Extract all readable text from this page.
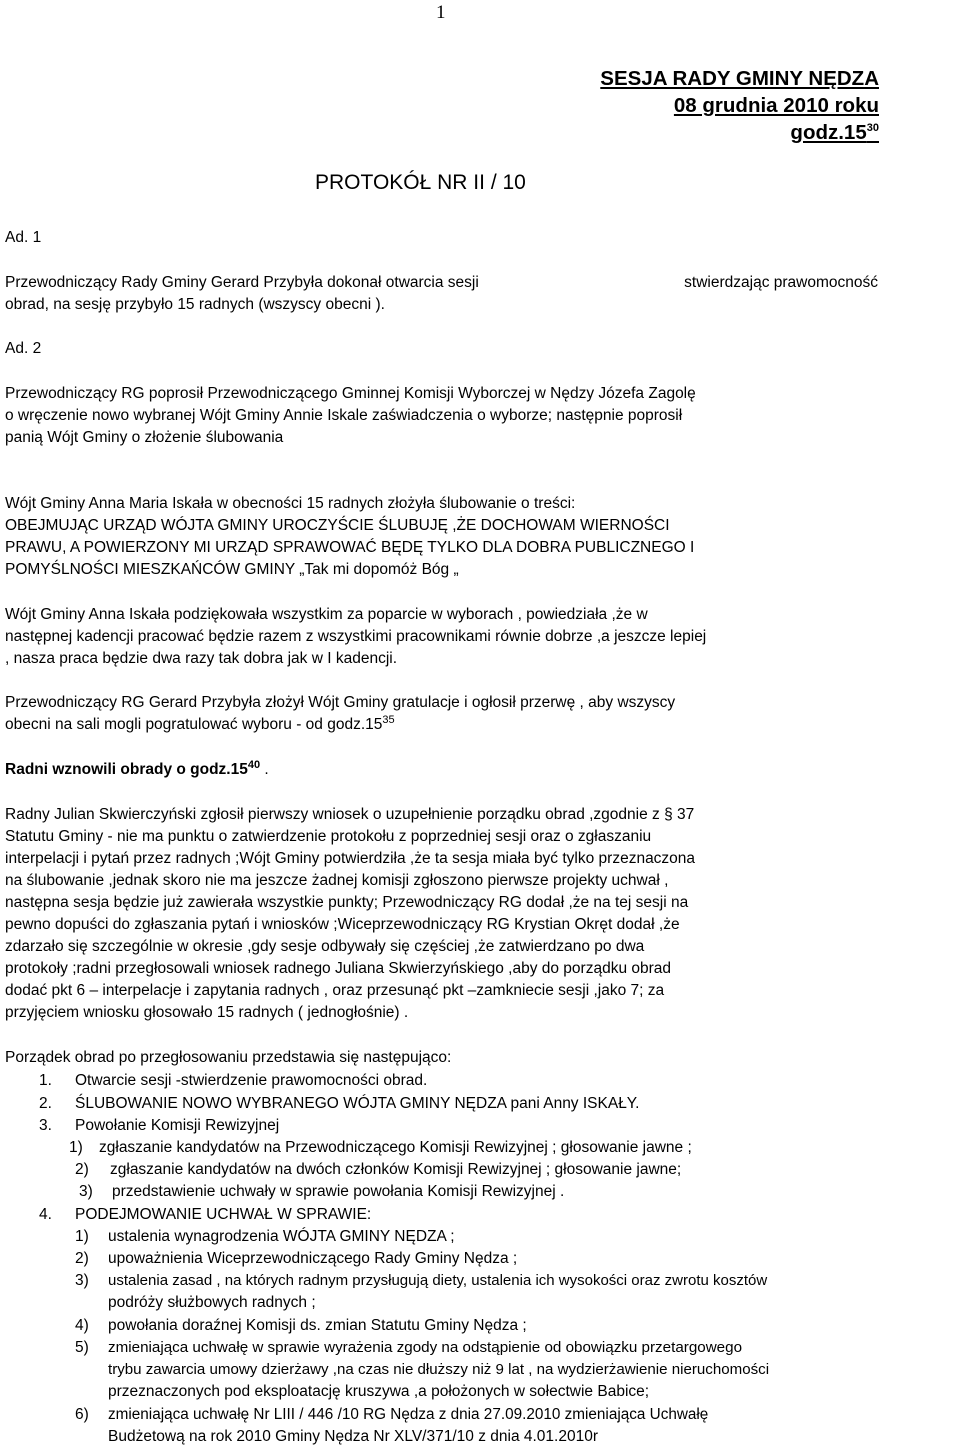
1
SESJA RADY GMINY NĘDZA
08 grudnia 2010 roku
$godz.15^{30}$
PROTOKÓŁ NR II / 10
Ad. 1
Przewodniczący Rady Gminy Gerard Przybyła dokonał otwarcia sesji	stwierdzając prawomocność
obrad, na sesję przybyło 15 radnych (wszyscy obecni ).
Ad. 2
Przewodniczący RG poprosił Przewodniczącego Gminnej Komisji Wyborczej w Nędzy Józefa Zagolę
o wręczenie nowo wybranej Wójt Gminy Annie Iskale zaświadczenia o wyborze; następnie poprosił
panią Wójt Gminy o złożenie ślubowania
Wójt Gminy Anna Maria Iskała w obecności 15 radnych złożyła ślubowanie o treści:
OBEJMUJĄC URZĄD WÓJTA GMINY UROCZYŚCIE ŚLUBUJĘ ,ŻE DOCHOWAM WIERNOŚCI
PRAWU, A POWIERZONY MI URZĄD SPRAWOWAĆ BĘDĘ TYLKO DLA DOBRA PUBLICZNEGO I
POMYŚLNOŚCI MIESZKAŃCÓW GMINY „Tak mi dopomóż Bóg „
Wójt Gminy Anna Iskała podziękowała wszystkim za poparcie w wyborach , powiedziała ,że w
następnej kadencji pracować będzie razem z wszystkimi pracownikami równie dobrze ,a jeszcze lepiej
, nasza praca będzie dwa razy tak dobra jak w I kadencji.
Przewodniczący RG Gerard Przybyła złożył Wójt Gminy gratulacje i ogłosił przerwę , aby wszyscy
obecni na sali mogli pogratulować wyboru - od $godz.15^{35}$
Radni wznowili obrady o $godz.15^{40}$ .
Radny Julian Skwierczyński zgłosił pierwszy wniosek o uzupełnienie porządku obrad ,zgodnie z § 37
Statutu Gminy - nie ma punktu o zatwierdzenie protokołu z poprzedniej sesji oraz o zgłaszaniu
interpelacji i pytań przez radnych ;Wójt Gminy potwierdziła ,że ta sesja miała być tylko przeznaczona
na ślubowanie ,jednak skoro nie ma jeszcze żadnej komisji zgłoszono pierwsze projekty uchwał ,
następna sesja będzie już zawierała wszystkie punkty; Przewodniczący RG dodał ,że na tej sesji na
pewno dopuści do zgłaszania pytań i wniosków ;Wiceprzewodniczący RG Krystian Okręt dodał ,że
zdarzało się szczególnie w okresie ,gdy sesje odbywały się częściej ,że zatwierdzano po dwa
protokoły ;radni przegłosowali wniosek radnego Juliana Skwierzyńskiego ,aby do porządku obrad
dodać pkt 6 – interpelacje i zapytania radnych , oraz przesunąć pkt –zamkniecie sesji ,jako 7; za
przyjęciem wniosku głosowało 15 radnych ( jednogłośnie) .
Porządek obrad po przegłosowaniu przedstawia się następująco:
1. Otwarcie sesji -stwierdzenie prawomocności obrad.
2. ŚLUBOWANIE NOWO WYBRANEGO WÓJTA GMINY NĘDZA pani Anny ISKAŁY.
3. Powołanie Komisji Rewizyjnej
1) zgłaszanie kandydatów na Przewodniczącego Komisji Rewizyjnej ; głosowanie jawne ;
2) zgłaszanie kandydatów na dwóch członków Komisji Rewizyjnej ; głosowanie jawne;
3) przedstawienie uchwały w sprawie powołania Komisji Rewizyjnej .
4. PODEJMOWANIE UCHWAŁ W SPRAWIE:
1) ustalenia wynagrodzenia WÓJTA GMINY NĘDZA ;
2) upoważnienia Wiceprzewodniczącego Rady Gminy Nędza ;
3) ustalenia zasad , na których radnym przysługują diety, ustalenia ich wysokości oraz zwrotu kosztów
podróży służbowych radnych ;
4) powołania doraźnej Komisji ds. zmian Statutu Gminy Nędza ;
5) zmieniająca uchwałę w sprawie wyrażenia zgody na odstąpienie od obowiązku przetargowego
trybu zawarcia umowy dzierżawy ,na czas nie dłuższy niż 9 lat , na wydzierżawienie nieruchomości
przeznaczonych pod eksploatację kruszywa ,a położonych w sołectwie Babice;
6) zmieniająca uchwałę Nr LIII / 446 /10 RG Nędza z dnia 27.09.2010 zmieniająca Uchwałę
Budżetową na rok 2010 Gminy Nędza Nr XLV/371/10 z dnia 4.01.2010r
